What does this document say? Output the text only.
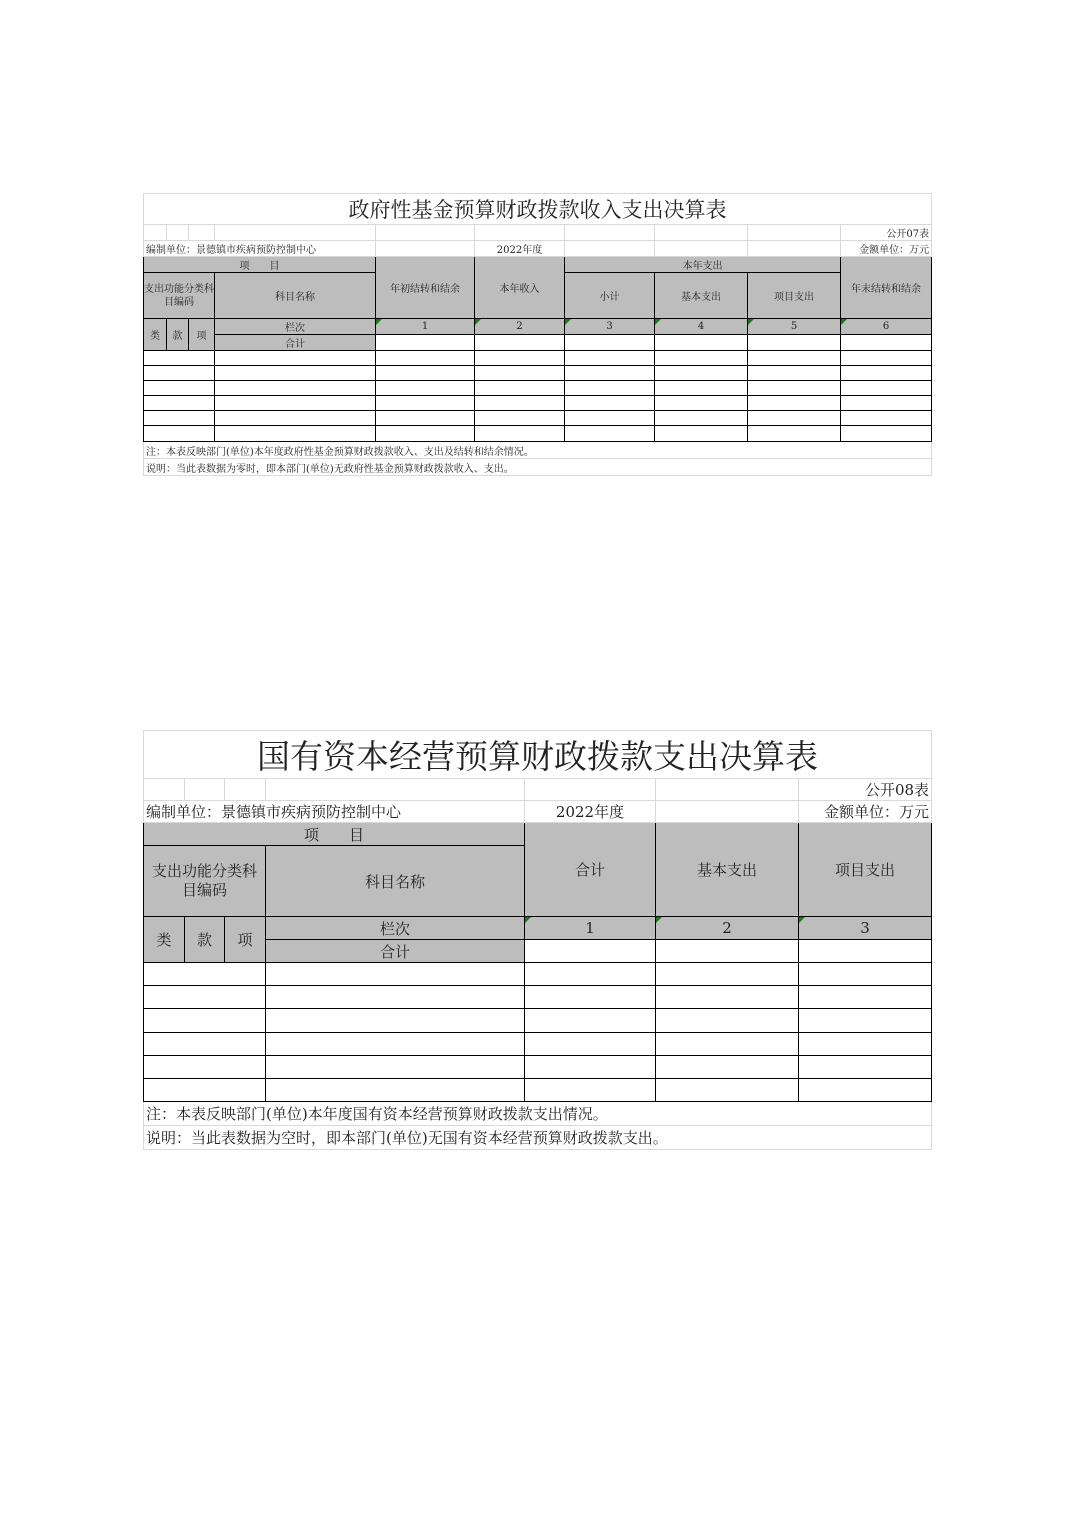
政府性基金预算财政拨款收入支出决算表									
									公开07表
编制单位：景德镇市疾病预防控制中心					2022年度				金额单位：万元
项　　目				年初结转和结余	本年收入	本年支出			年末结转和结余
支出功能分类科目编码			科目名称			小计	基本支出	项目支出	
类	款	项	栏次	1	2	3	4	5	6
			合计						

注：本表反映部门(单位)本年度政府性基金预算财政拨款收入、支出及结转和结余情况。									
说明：当此表数据为零时，即本部门(单位)无政府性基金预算财政拨款收入、支出。									
国有资本经营预算财政拨款支出决算表						
						公开08表
编制单位：景德镇市疾病预防控制中心				2022年度		金额单位：万元
项　　目				合计	基本支出	项目支出
支出功能分类科目编码			科目名称			
类	款	项	栏次	1	2	3
			合计			

注：本表反映部门(单位)本年度国有资本经营预算财政拨款支出情况。						
说明：当此表数据为空时，即本部门(单位)无国有资本经营预算财政拨款支出。						
